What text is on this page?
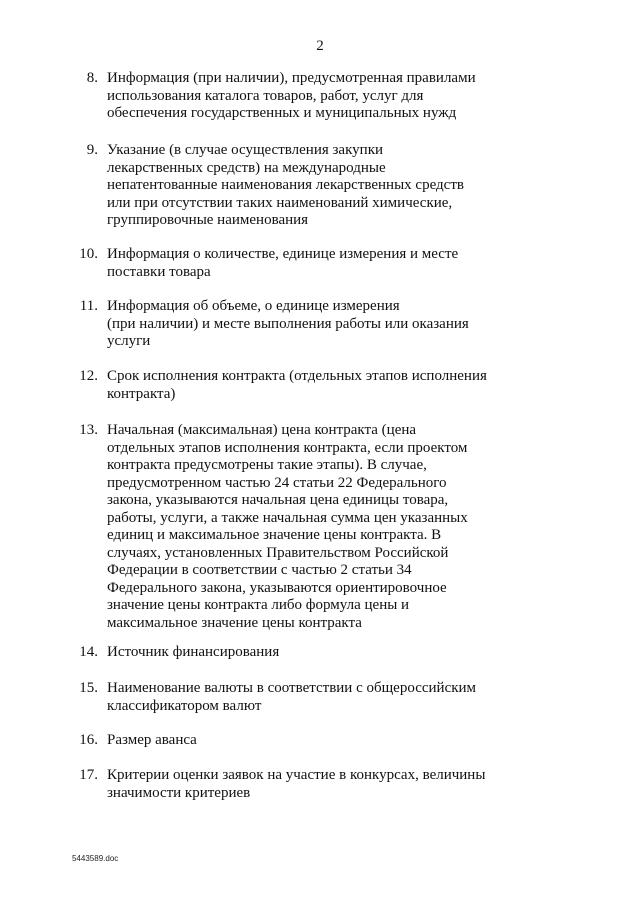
2
8. Информация (при наличии), предусмотренная правилами
использования каталога товаров, работ, услуг для
обеспечения государственных и муниципальных нужд
9. Указание (в случае осуществления закупки
лекарственных средств) на международные
непатентованные наименования лекарственных средств
или при отсутствии таких наименований химические,
группировочные наименования
10. Информация о количестве, единице измерения и месте
поставки товара
11. Информация об объеме, о единице измерения
(при наличии) и месте выполнения работы или оказания
услуги
12. Срок исполнения контракта (отдельных этапов исполнения
контракта)
13. Начальная (максимальная) цена контракта (цена
отдельных этапов исполнения контракта, если проектом
контракта предусмотрены такие этапы). В случае,
предусмотренном частью 24 статьи 22 Федерального
закона, указываются начальная цена единицы товара,
работы, услуги, а также начальная сумма цен указанных
единиц и максимальное значение цены контракта. В
случаях, установленных Правительством Российской
Федерации в соответствии с частью 2 статьи 34
Федерального закона, указываются ориентировочное
значение цены контракта либо формула цены и
максимальное значение цены контракта
14. Источник финансирования
15. Наименование валюты в соответствии с общероссийским
классификатором валют
16. Размер аванса
17. Критерии оценки заявок на участие в конкурсах, величины
значимости критериев
5443589.doc
